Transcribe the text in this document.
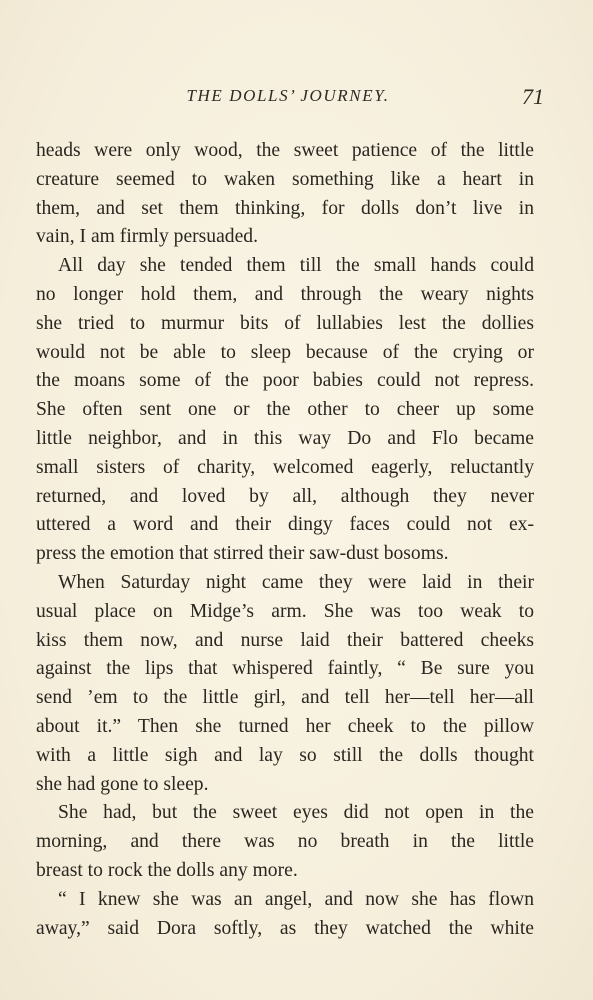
THE DOLLS’ JOURNEY.	71
heads were only wood, the sweet patience of the little
creature seemed to waken something like a heart in
them, and set them thinking, for dolls don’t live in
vain, I am firmly persuaded.
All day she tended them till the small hands could
no longer hold them, and through the weary nights
she tried to murmur bits of lullabies lest the dollies
would not be able to sleep because of the crying or
the moans some of the poor babies could not repress.
She often sent one or the other to cheer up some
little neighbor, and in this way Do and Flo became
small sisters of charity, welcomed eagerly, reluctantly
returned, and loved by all, although they never
uttered a word and their dingy faces could not ex-
press the emotion that stirred their saw-dust bosoms.
When Saturday night came they were laid in their
usual place on Midge’s arm. She was too weak to
kiss them now, and nurse laid their battered cheeks
against the lips that whispered faintly, “ Be sure you
send ’em to the little girl, and tell her—tell her—all
about it.” Then she turned her cheek to the pillow
with a little sigh and lay so still the dolls thought
she had gone to sleep.
She had, but the sweet eyes did not open in the
morning, and there was no breath in the little
breast to rock the dolls any more.
“ I knew she was an angel, and now she has flown
away,” said Dora softly, as they watched the white
